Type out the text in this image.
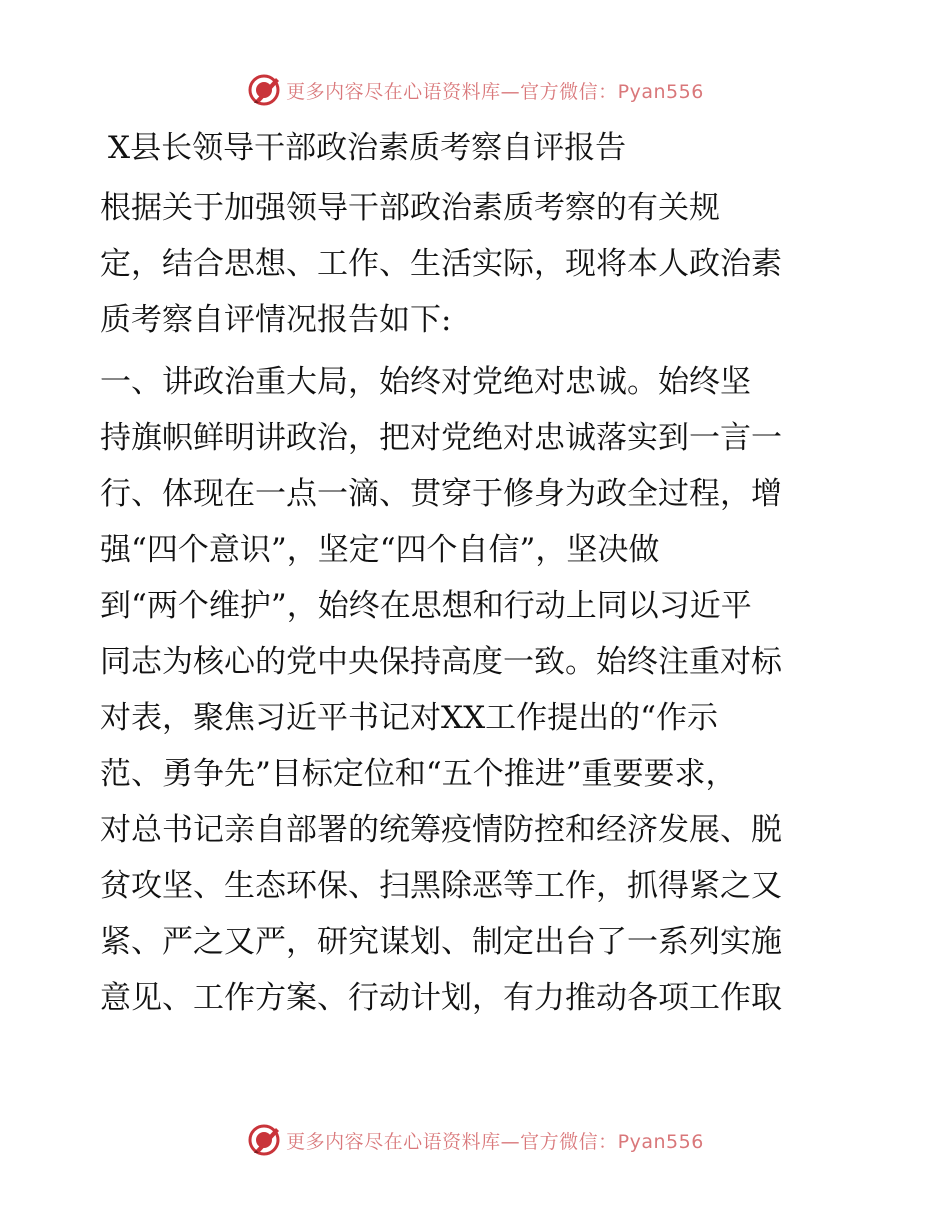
更多内容尽在心语资料库—官方微信：Pyan556
X县长领导干部政治素质考察自评报告
根据关于加强领导干部政治素质考察的有关规
定，结合思想、工作、生活实际，现将本人政治素
质考察自评情况报告如下:
一、讲政治重大局，始终对党绝对忠诚。始终坚
持旗帜鲜明讲政治，把对党绝对忠诚落实到一言一
行、体现在一点一滴、贯穿于修身为政全过程，增
强“四个意识”，坚定“四个自信”，坚决做
到“两个维护”，始终在思想和行动上同以习近平
同志为核心的党中央保持高度一致。始终注重对标
对表，聚焦习近平书记对XX工作提出的“作示
范、勇争先”目标定位和“五个推进”重要要求，
对总书记亲自部署的统筹疫情防控和经济发展、脱
贫攻坚、生态环保、扫黑除恶等工作，抓得紧之又
紧、严之又严，研究谋划、制定出台了一系列实施
意见、工作方案、行动计划，有力推动各项工作取
更多内容尽在心语资料库—官方微信：Pyan556
